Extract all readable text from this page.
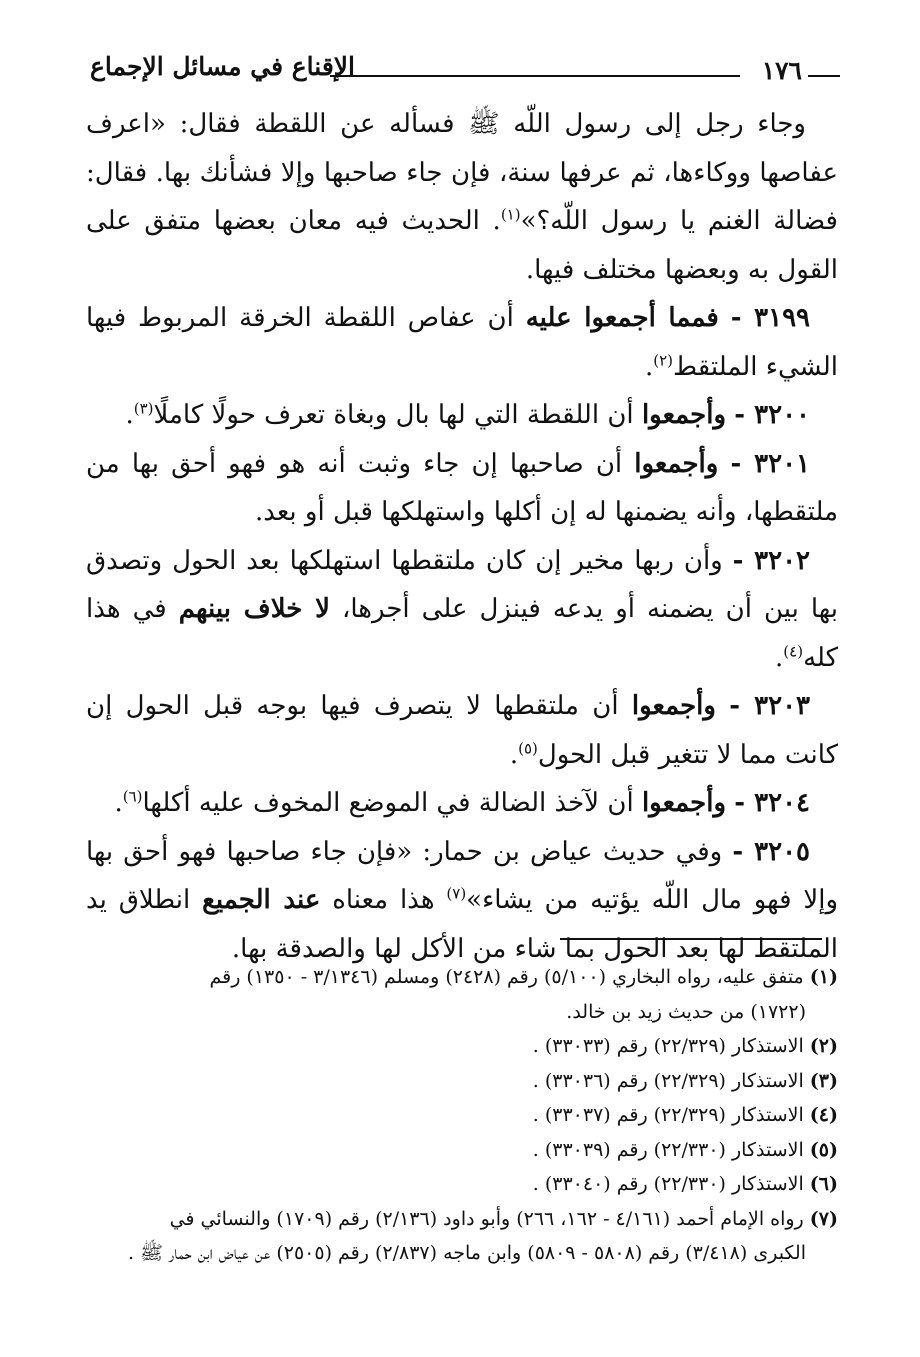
١٧٦
الإقناع في مسائل الإجماع

وجاء رجل إلى رسول اللّه ﷺ فسأله عن اللقطة فقال: «اعرف عفاصها ووكاءها، ثم عرفها سنة، فإن جاء صاحبها وإلا فشأنك بها. فقال: فضالة الغنم يا رسول اللّه؟»$^{(١)}$. الحديث فيه معان بعضها متفق على القول به وبعضها مختلف فيها.

٣١٩٩ - فمما أجمعوا عليه أن عفاص اللقطة الخرقة المربوط فيها الشيء الملتقط$^{(٢)}$.

٣٢٠٠ - وأجمعوا أن اللقطة التي لها بال وبغاة تعرف حولًا كاملًا$^{(٣)}$.

٣٢٠١ - وأجمعوا أن صاحبها إن جاء وثبت أنه هو فهو أحق بها من ملتقطها، وأنه يضمنها له إن أكلها واستهلكها قبل أو بعد.

٣٢٠٢ - وأن ربها مخير إن كان ملتقطها استهلكها بعد الحول وتصدق بها بين أن يضمنه أو يدعه فينزل على أجرها، لا خلاف بينهم في هذا كله$^{(٤)}$.

٣٢٠٣ - وأجمعوا أن ملتقطها لا يتصرف فيها بوجه قبل الحول إن كانت مما لا تتغير قبل الحول$^{(٥)}$.

٣٢٠٤ - وأجمعوا أن لآخذ الضالة في الموضع المخوف عليه أكلها$^{(٦)}$.

٣٢٠٥ - وفي حديث عياض بن حمار: «فإن جاء صاحبها فهو أحق بها وإلا فهو مال اللّه يؤتيه من يشاء»$^{(٧)}$ هذا معناه عند الجميع انطلاق يد الملتقط لها بعد الحول بما شاء من الأكل لها والصدقة بها.

(١) متفق عليه، رواه البخاري (٥/١٠٠) رقم (٢٤٢٨) ومسلم (٣/١٣٤٦ - ١٣٥٠) رقم

(١٧٢٢) من حديث زيد بن خالد.

(٢) الاستذكار (٢٢/٣٢٩) رقم (٣٣٠٣٣) .

(٣) الاستذكار (٢٢/٣٢٩) رقم (٣٣٠٣٦) .

(٤) الاستذكار (٢٢/٣٢٩) رقم (٣٣٠٣٧) .

(٥) الاستذكار (٢٢/٣٣٠) رقم (٣٣٠٣٩) .

(٦) الاستذكار (٢٢/٣٣٠) رقم (٣٣٠٤٠) .

(٧) رواه الإمام أحمد (٤/١٦١ - ١٦٢، ٢٦٦) وأبو داود (٢/١٣٦) رقم (١٧٠٩) والنسائي في

الكبرى (٣/٤١٨) رقم (٥٨٠٨ - ٥٨٠٩) وابن ماجه (٢/٨٣٧) رقم (٢٥٠٥) عن عياض ابن حمار ﷺ .
